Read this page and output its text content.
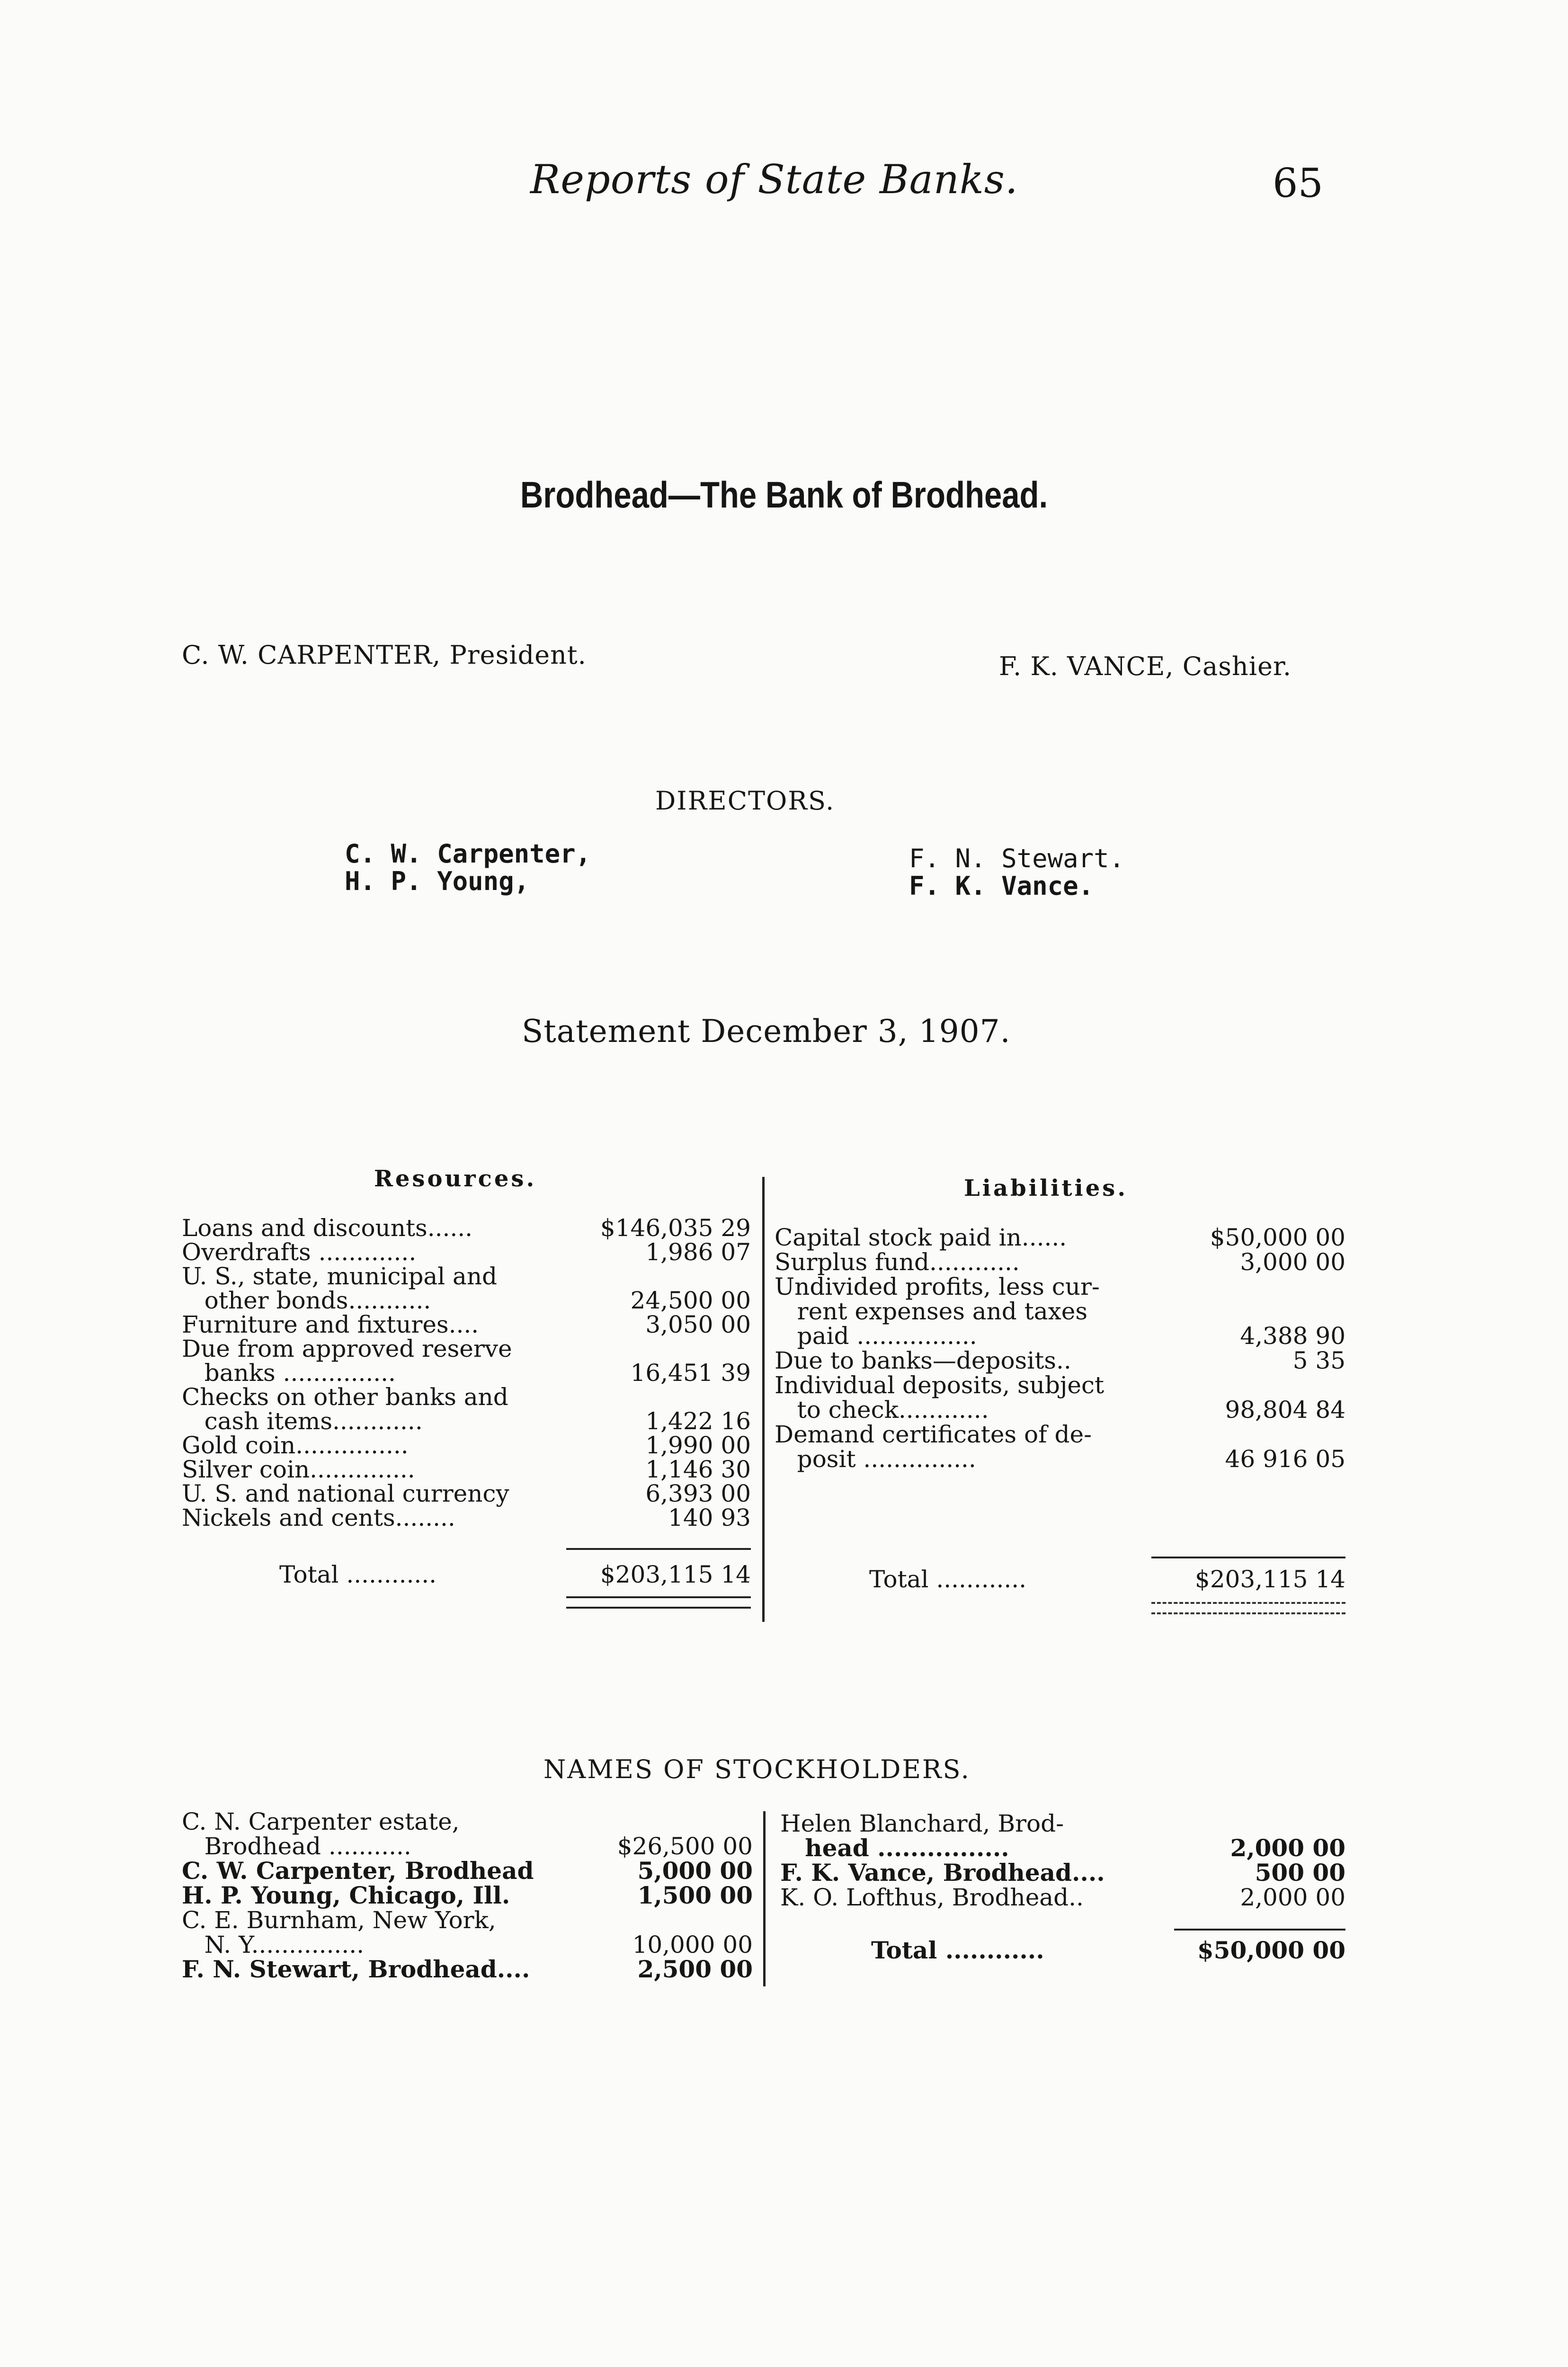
Reports of State Banks.	65
Brodhead—The Bank of Brodhead.
C. W. CARPENTER, President.	F. K. VANCE, Cashier.
DIRECTORS.
C. W. Carpenter,
H. P. Young,
F. N. Stewart.
F. K. Vance.
Statement December 3, 1907.
Resources.	Liabilities.
Loans and discounts......	$146,035 29
Overdrafts .............	1,986 07
U. S., state, municipal and
other bonds...........	24,500 00
Furniture and fixtures....	3,050 00
Due from approved reserve
banks ...............	16,451 39
Checks on other banks and
cash items............	1,422 16
Gold coin...............	1,990 00
Silver coin..............	1,146 30
U. S. and national currency	6,393 00
Nickels and cents........	140 93
Capital stock paid in......	$50,000 00
Surplus fund............	3,000 00
Undivided profits, less cur-
rent expenses and taxes
paid ................	4,388 90
Due to banks—deposits..	5 35
Individual deposits, subject
to check............	98,804 84
Demand certificates of de-
posit ...............	46 916 05
Total ............	$203,115 14	Total ............	$203,115 14
NAMES OF STOCKHOLDERS.
C. N. Carpenter estate,
Brodhead ...........	$26,500 00
C. W. Carpenter, Brodhead	5,000 00
H. P. Young, Chicago, Ill.	1,500 00
C. E. Burnham, New York,
N. Y...............	10,000 00
F. N. Stewart, Brodhead....	2,500 00
Helen Blanchard, Brod-
head ................	2,000 00
F. K. Vance, Brodhead....	500 00
K. O. Lofthus, Brodhead..	2,000 00
Total ............	$50,000 00
